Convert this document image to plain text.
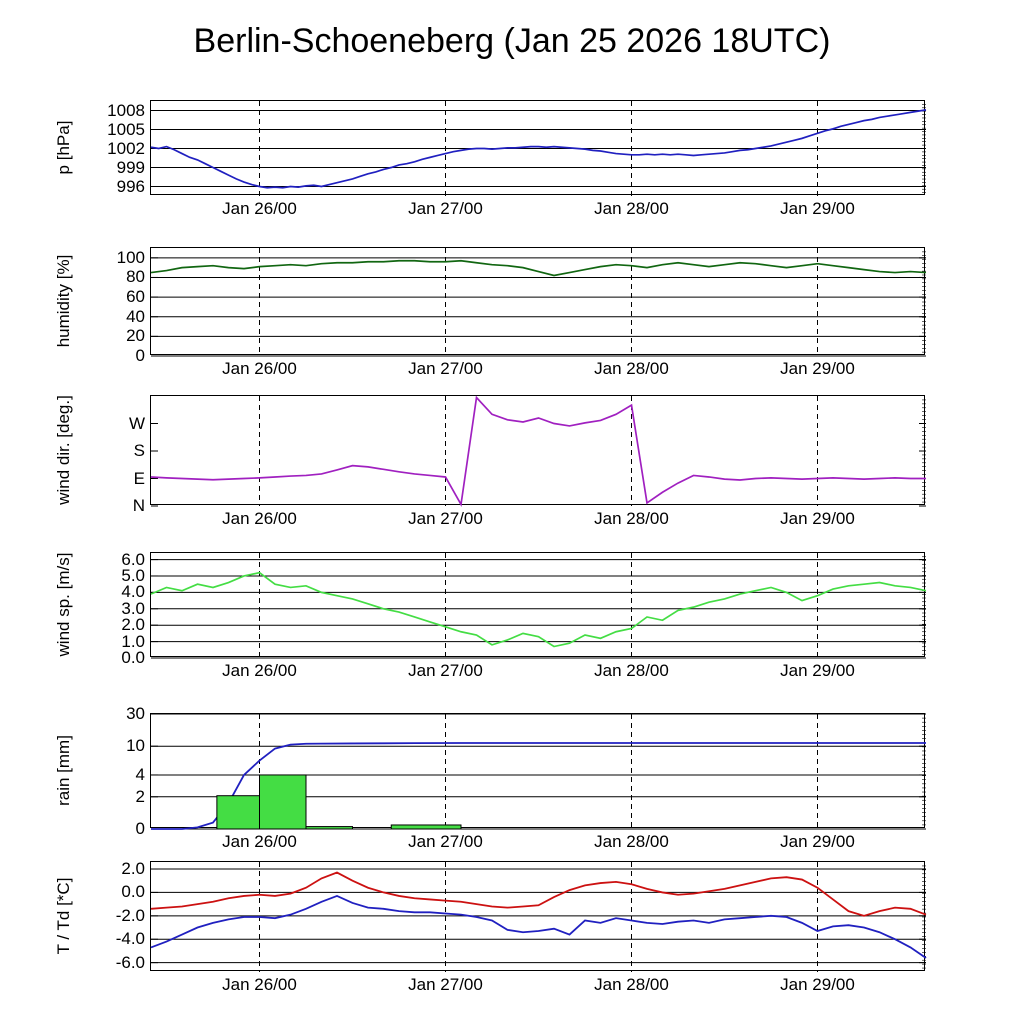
Berlin-Schoeneberg (Jan 25 2026 18UTC)
p [hPa]
996
999
1002
1005
1008
Jan 26/00	Jan 27/00	Jan 28/00	Jan 29/00
humidity [%]
0
20
40
60
80
100
Jan 26/00	Jan 27/00	Jan 28/00	Jan 29/00
wind dir. [deg.]
N
E
S
W
Jan 26/00	Jan 27/00	Jan 28/00	Jan 29/00
wind sp. [m/s]
0.0
1.0
2.0
3.0
4.0
5.0
6.0
Jan 26/00	Jan 27/00	Jan 28/00	Jan 29/00
rain [mm]
0
2
4
10
30
Jan 26/00	Jan 27/00	Jan 28/00	Jan 29/00
T / Td [*C]
-6.0
-4.0
-2.0
0.0
2.0
Jan 26/00	Jan 27/00	Jan 28/00	Jan 29/00
